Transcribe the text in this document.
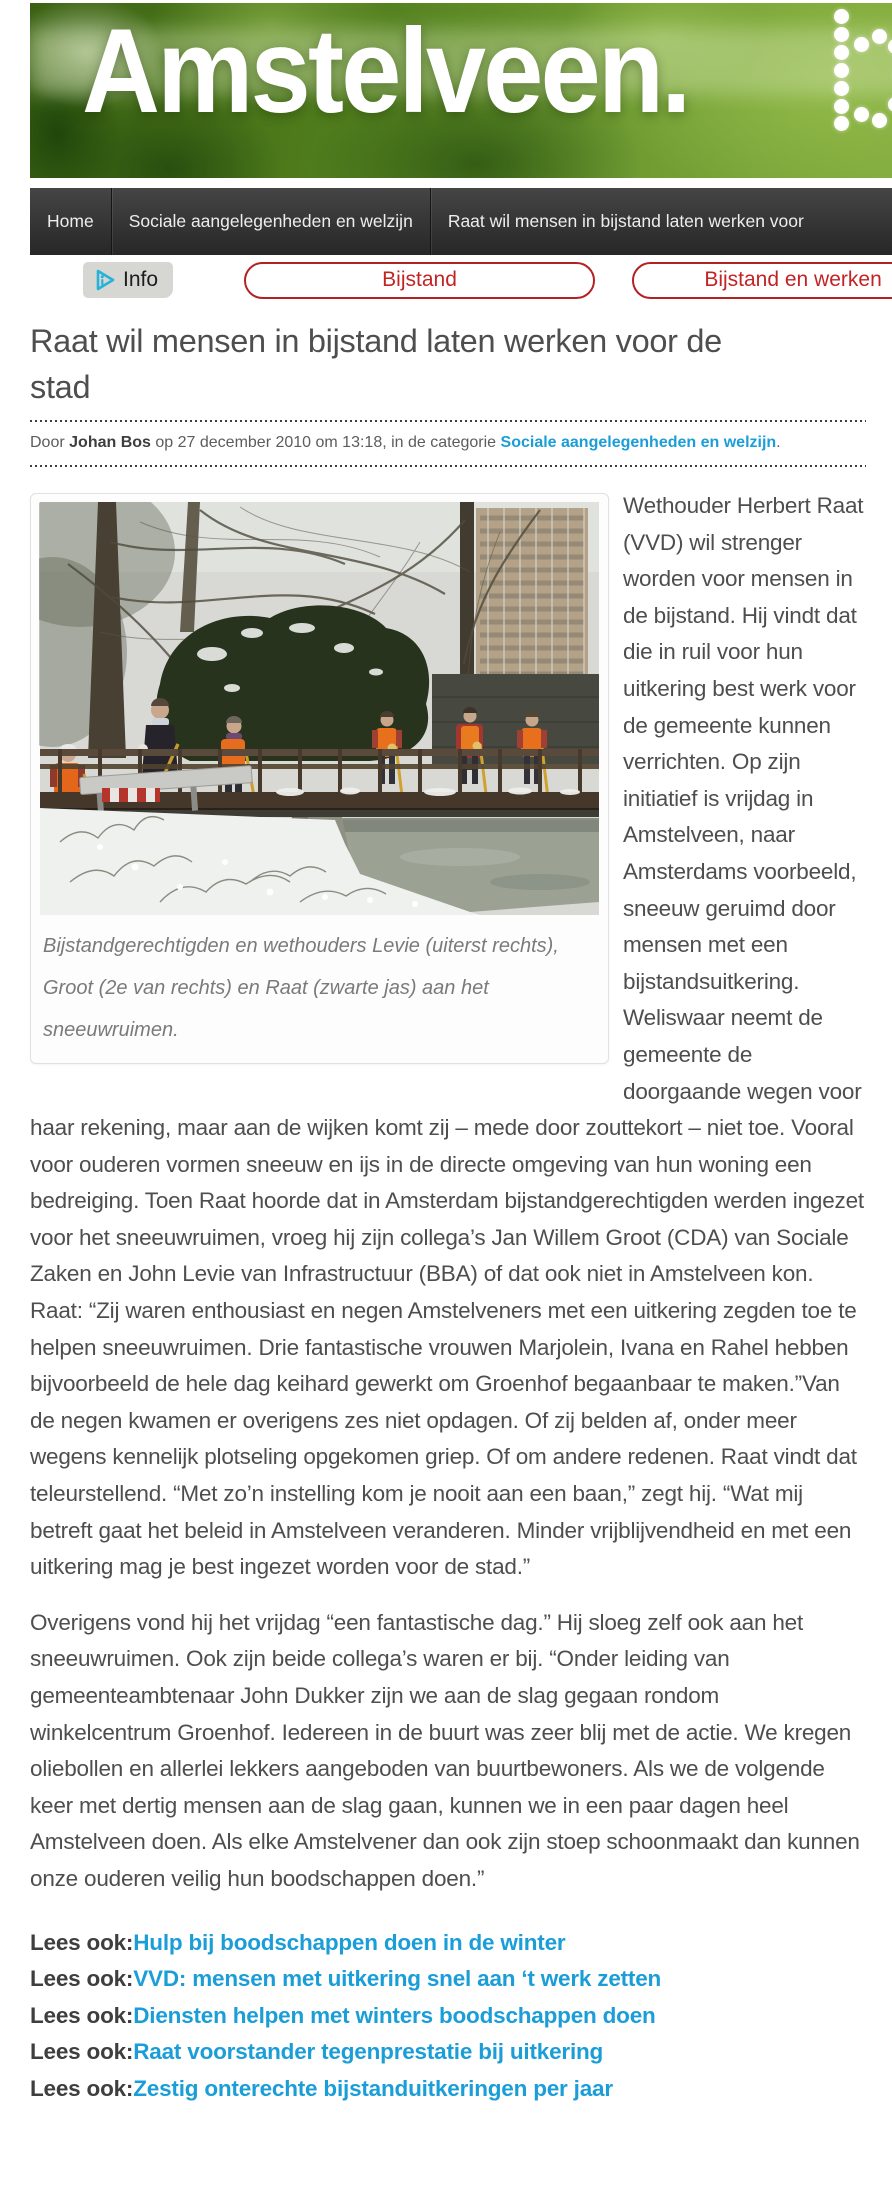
Amstelveen.
Home	Sociale aangelegenheden en welzijn	Raat wil mensen in bijstand laten werken voor
Info	Bijstand	Bijstand en werken
Raat wil mensen in bijstand laten werken voor de stad
Door Johan Bos op 27 december 2010 om 13:18, in de categorie Sociale aangelegenheden en welzijn.
Bijstandgerechtigden en wethouders Levie (uiterst rechts), Groot (2e van rechts) en Raat (zwarte jas) aan het sneeuwruimen.
Wethouder Herbert Raat (VVD) wil strenger worden voor mensen in de bijstand. Hij vindt dat die in ruil voor hun uitkering best werk voor de gemeente kunnen verrichten. Op zijn initiatief is vrijdag in Amstelveen, naar Amsterdams voorbeeld, sneeuw geruimd door mensen met een bijstandsuitkering. Weliswaar neemt de gemeente de doorgaande wegen voor haar rekening, maar aan de wijken komt zij – mede door zouttekort – niet toe. Vooral voor ouderen vormen sneeuw en ijs in de directe omgeving van hun woning een bedreiging. Toen Raat hoorde dat in Amsterdam bijstandgerechtigden werden ingezet voor het sneeuwruimen, vroeg hij zijn collega’s Jan Willem Groot (CDA) van Sociale Zaken en John Levie van Infrastructuur (BBA) of dat ook niet in Amstelveen kon. Raat: “Zij waren enthousiast en negen Amstelveners met een uitkering zegden toe te helpen sneeuwruimen. Drie fantastische vrouwen Marjolein, Ivana en Rahel hebben bijvoorbeeld de hele dag keihard gewerkt om Groenhof begaanbaar te maken.”Van de negen kwamen er overigens zes niet opdagen. Of zij belden af, onder meer wegens kennelijk plotseling opgekomen griep. Of om andere redenen. Raat vindt dat teleurstellend. “Met zo’n instelling kom je nooit aan een baan,” zegt hij. “Wat mij betreft gaat het beleid in Amstelveen veranderen. Minder vrijblijvendheid en met een uitkering mag je best ingezet worden voor de stad.”
Overigens vond hij het vrijdag “een fantastische dag.” Hij sloeg zelf ook aan het sneeuwruimen. Ook zijn beide collega’s waren er bij. “Onder leiding van gemeenteambtenaar John Dukker zijn we aan de slag gegaan rondom winkelcentrum Groenhof. Iedereen in de buurt was zeer blij met de actie. We kregen oliebollen en allerlei lekkers aangeboden van buurtbewoners. Als we de volgende keer met dertig mensen aan de slag gaan, kunnen we in een paar dagen heel Amstelveen doen. Als elke Amstelvener dan ook zijn stoep schoonmaakt dan kunnen onze ouderen veilig hun boodschappen doen.”
Lees ook:Hulp bij boodschappen doen in de winter
Lees ook:VVD: mensen met uitkering snel aan ‘t werk zetten
Lees ook:Diensten helpen met winters boodschappen doen
Lees ook:Raat voorstander tegenprestatie bij uitkering
Lees ook:Zestig onterechte bijstanduitkeringen per jaar
